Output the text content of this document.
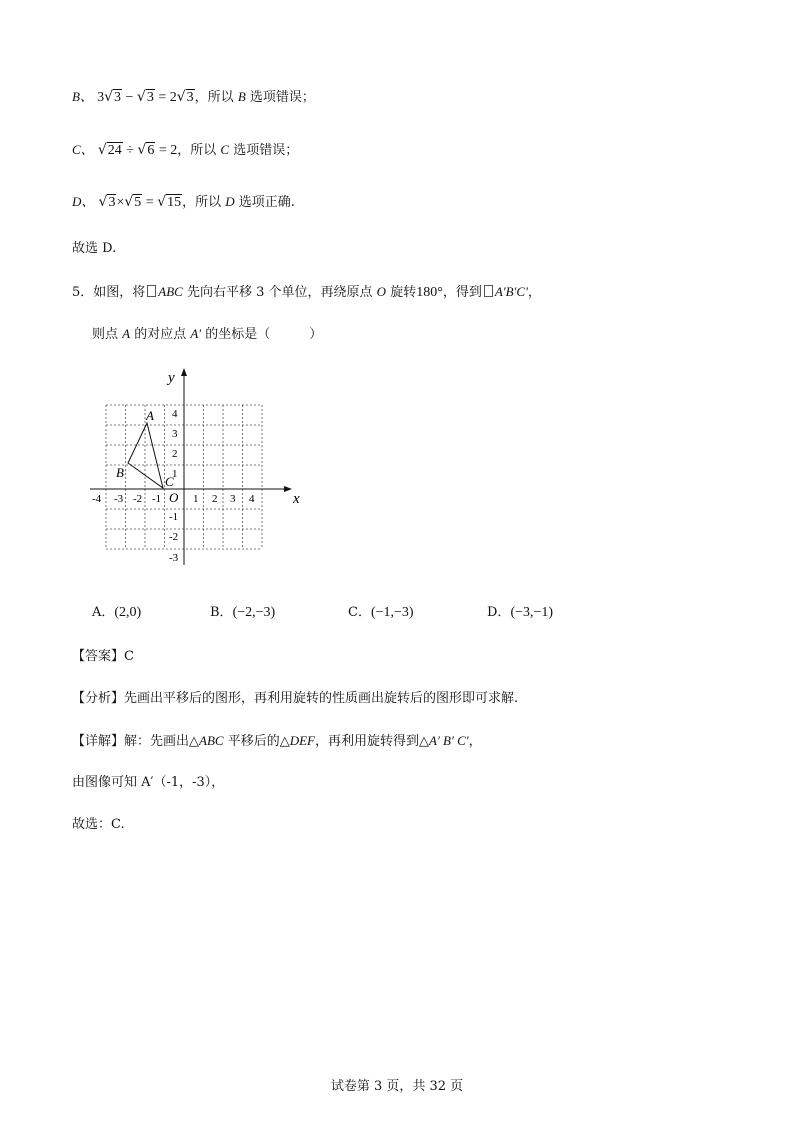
B、 3√3 − √3 = 2√3，所以 B 选项错误；
C、 √24 ÷ √6 = 2，所以 C 选项错误；
D、 √3×√5 = √15，所以 D 选项正确.
故选 D.
5．如图，将 ABC 先向右平移 3 个单位，再绕原点 O 旋转180°，得到 A′B′C′，
则点 A 的对应点 A′ 的坐标是（　　　）
x
y
O
-4 -3 -2 -1	1 2 3 4
4
3
2
1
-1
-2
-3
A
B
C
A．(2,0)	B．(−2,−3)	C．(−1,−3)	D．(−3,−1)
【答案】C
【分析】先画出平移后的图形，再利用旋转的性质画出旋转后的图形即可求解.
【详解】解：先画出△ABC 平移后的△DEF，再利用旋转得到△A′ B′ C′，
由图像可知 A′（-1，-3），
故选：C.
试卷第 3 页，共 32 页
